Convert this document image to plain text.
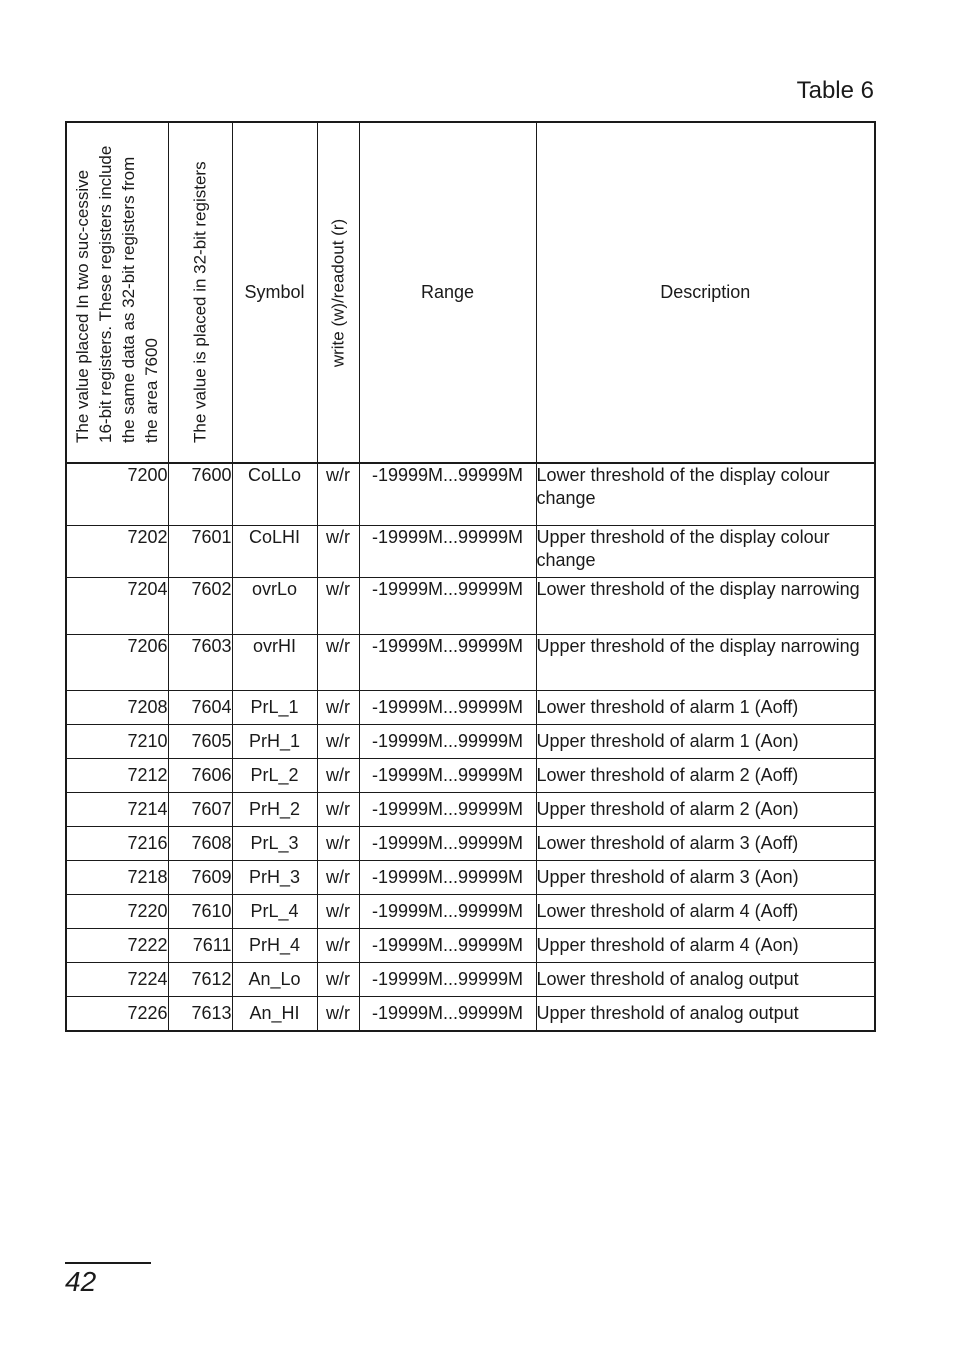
Table 6
The value placed In two suc-cessive 16-bit registers. These registers include the same data as 32-bit registers from the area 7600	The value is placed in 32-bit registers	Symbol	write (w)/readout (r)	Range	Description
7200	7600	CoLLo	w/r	-19999M...99999M	Lower threshold of the display colour change
7202	7601	CoLHI	w/r	-19999M...99999M	Upper threshold of the display colour change
7204	7602	ovrLo	w/r	-19999M...99999M	Lower threshold of the display narrowing
7206	7603	ovrHI	w/r	-19999M...99999M	Upper threshold of the display narrowing
7208	7604	PrL_1	w/r	-19999M...99999M	Lower threshold of alarm 1 (Aoff)
7210	7605	PrH_1	w/r	-19999M...99999M	Upper threshold of alarm 1 (Aon)
7212	7606	PrL_2	w/r	-19999M...99999M	Lower threshold of alarm 2 (Aoff)
7214	7607	PrH_2	w/r	-19999M...99999M	Upper threshold of alarm 2 (Aon)
7216	7608	PrL_3	w/r	-19999M...99999M	Lower threshold of alarm 3 (Aoff)
7218	7609	PrH_3	w/r	-19999M...99999M	Upper threshold of alarm 3 (Aon)
7220	7610	PrL_4	w/r	-19999M...99999M	Lower threshold of alarm 4 (Aoff)
7222	7611	PrH_4	w/r	-19999M...99999M	Upper threshold of alarm 4 (Aon)
7224	7612	An_Lo	w/r	-19999M...99999M	Lower threshold of analog output
7226	7613	An_HI	w/r	-19999M...99999M	Upper threshold of analog output
42
